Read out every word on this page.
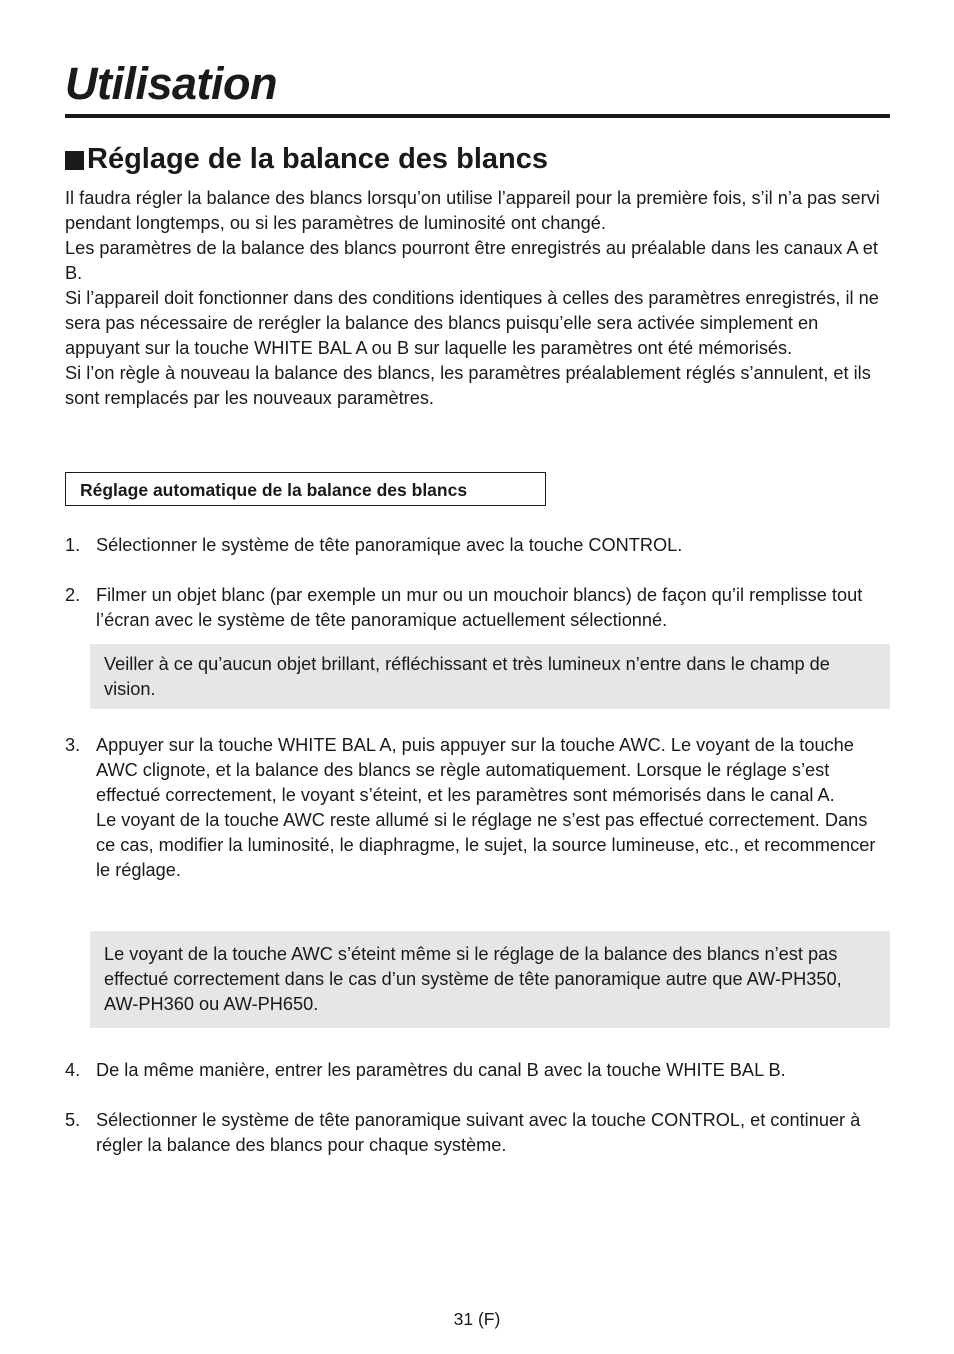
Utilisation
Réglage de la balance des blancs

Il faudra régler la balance des blancs lorsqu’on utilise l’appareil pour la première fois, s’il n’a pas servi pendant longtemps, ou si les paramètres de luminosité ont changé.

Les paramètres de la balance des blancs pourront être enregistrés au préalable dans les canaux A et B.

Si l’appareil doit fonctionner dans des conditions identiques à celles des paramètres enregistrés, il ne sera pas nécessaire de rerégler la balance des blancs puisqu’elle sera activée simplement en appuyant sur la touche WHITE BAL A ou B sur laquelle les paramètres ont été mémorisés.

Si l’on règle à nouveau la balance des blancs, les paramètres préalablement réglés s’annulent, et ils sont remplacés par les nouveaux paramètres.

Réglage automatique de la balance des blancs
1. Sélectionner le système de tête panoramique avec la touche CONTROL.

2. Filmer un objet blanc (par exemple un mur ou un mouchoir blancs) de façon qu’il remplisse tout l’écran avec le système de tête panoramique actuellement sélectionné.

Veiller à ce qu’aucun objet brillant, réfléchissant et très lumineux n’entre dans le champ de vision.
3. Appuyer sur la touche WHITE BAL A, puis appuyer sur la touche AWC. Le voyant de la touche AWC clignote, et la balance des blancs se règle automatiquement. Lorsque le réglage s’est effectué correctement, le voyant s’éteint, et les paramètres sont mémorisés dans le canal A.

Le voyant de la touche AWC reste allumé si le réglage ne s’est pas effectué correctement. Dans ce cas, modifier la luminosité, le diaphragme, le sujet, la source lumineuse, etc., et recommencer le réglage.

Le voyant de la touche AWC s’éteint même si le réglage de la balance des blancs n’est pas effectué correctement dans le cas d’un système de tête panoramique autre que AW-PH350, AW-PH360 ou AW-PH650.
4. De la même manière, entrer les paramètres du canal B avec la touche WHITE BAL B.

5. Sélectionner le système de tête panoramique suivant avec la touche CONTROL, et continuer à régler la balance des blancs pour chaque système.

31 (F)
